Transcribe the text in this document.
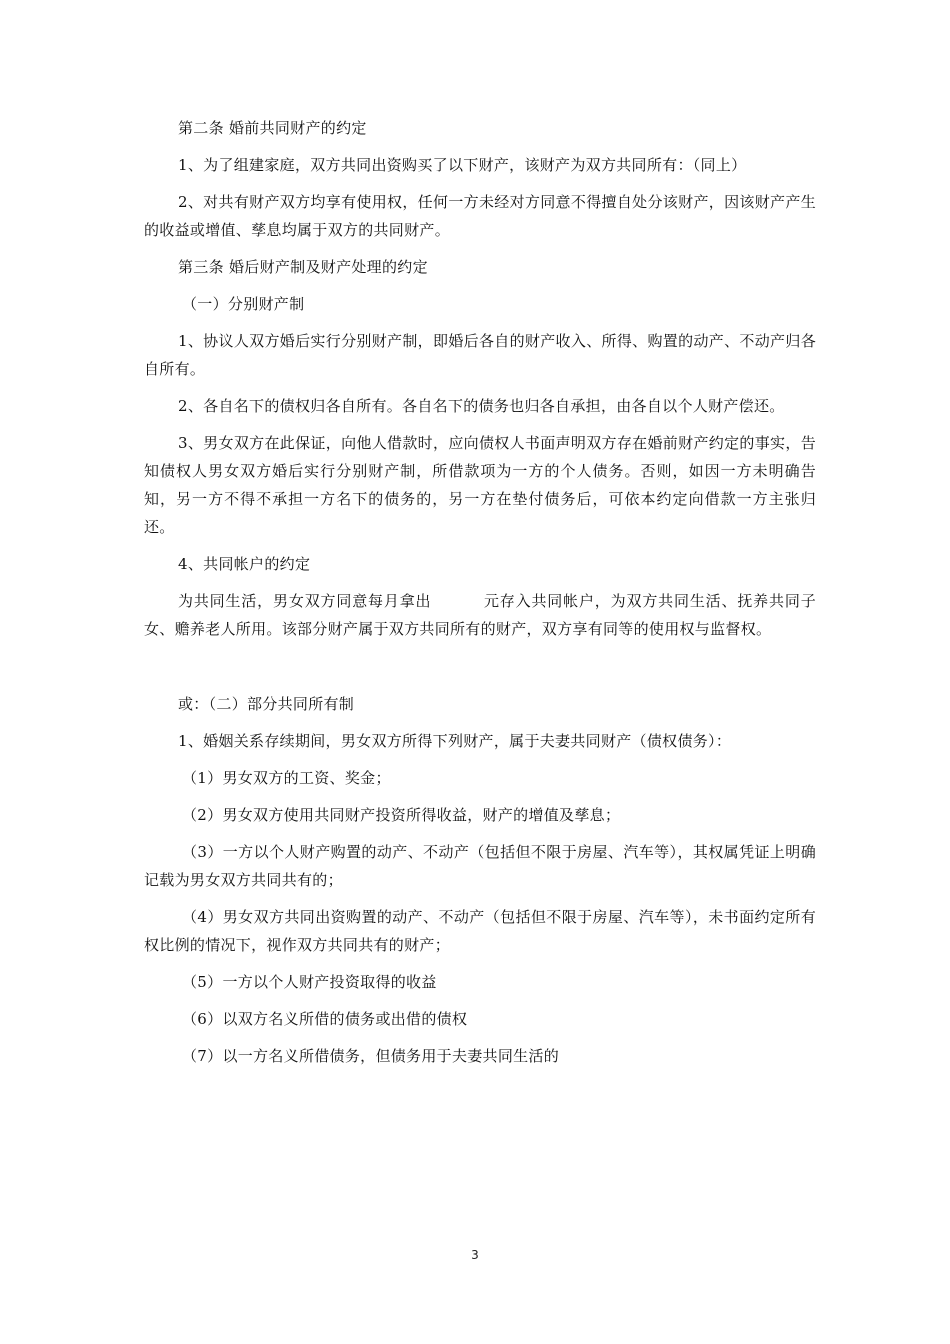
第二条 婚前共同财产的约定

1、为了组建家庭，双方共同出资购买了以下财产，该财产为双方共同所有：（同上）

2、对共有财产双方均享有使用权，任何一方未经对方同意不得擅自处分该财产，因该财产产生的收益或增值、孳息均属于双方的共同财产。

第三条 婚后财产制及财产处理的约定

（一）分别财产制

1、协议人双方婚后实行分别财产制，即婚后各自的财产收入、所得、购置的动产、不动产归各自所有。

2、各自名下的债权归各自所有。各自名下的债务也归各自承担，由各自以个人财产偿还。

3、男女双方在此保证，向他人借款时，应向债权人书面声明双方存在婚前财产约定的事实，告知债权人男女双方婚后实行分别财产制，所借款项为一方的个人债务。否则，如因一方未明确告知，另一方不得不承担一方名下的债务的，另一方在垫付债务后，可依本约定向借款一方主张归还。

4、共同帐户的约定

为共同生活，男女双方同意每月拿出	元存入共同帐户，为双方共同生活、抚养共同子女、赡养老人所用。该部分财产属于双方共同所有的财产，双方享有同等的使用权与监督权。

或：（二）部分共同所有制

1、婚姻关系存续期间，男女双方所得下列财产，属于夫妻共同财产（债权债务）：

（1）男女双方的工资、奖金；

（2）男女双方使用共同财产投资所得收益，财产的增值及孳息；

（3）一方以个人财产购置的动产、不动产（包括但不限于房屋、汽车等），其权属凭证上明确记载为男女双方共同共有的；

（4）男女双方共同出资购置的动产、不动产（包括但不限于房屋、汽车等），未书面约定所有权比例的情况下，视作双方共同共有的财产；

（5）一方以个人财产投资取得的收益

（6）以双方名义所借的债务或出借的债权

（7）以一方名义所借债务，但债务用于夫妻共同生活的

3
